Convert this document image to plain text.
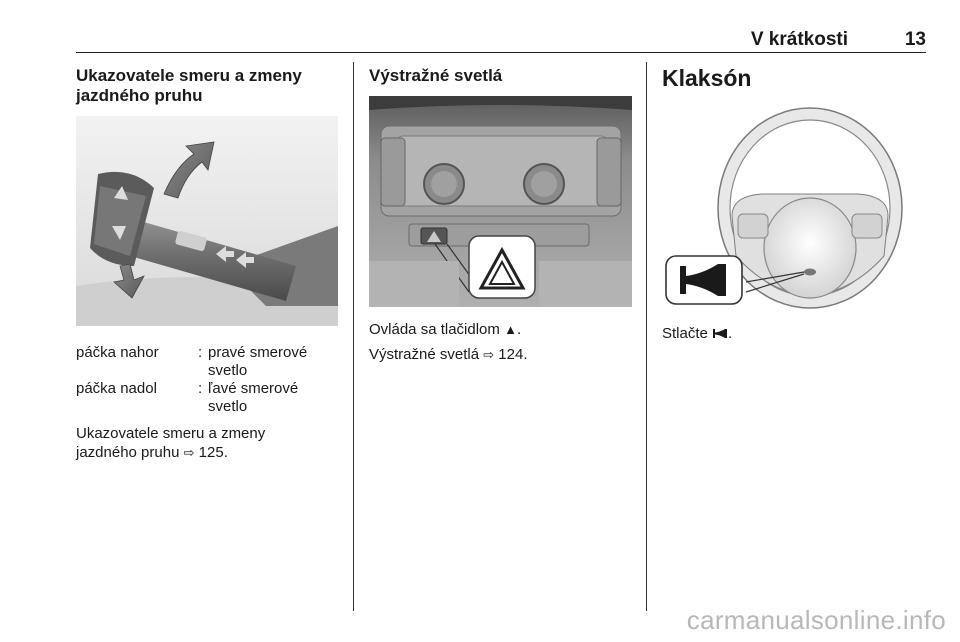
V krátkosti	13
Ukazovatele smeru a zmeny jazdného pruhu
páčka nahor	: pravé smerové svetlo
páčka nadol	: ľavé smerové svetlo
Ukazovatele smeru a zmeny jazdného pruhu ⇨ 125.
Výstražné svetlá
Ovláda sa tlačidlom ▲.
Výstražné svetlá ⇨ 124.
Klaksón
Stlačte .
carmanualsonline.info
